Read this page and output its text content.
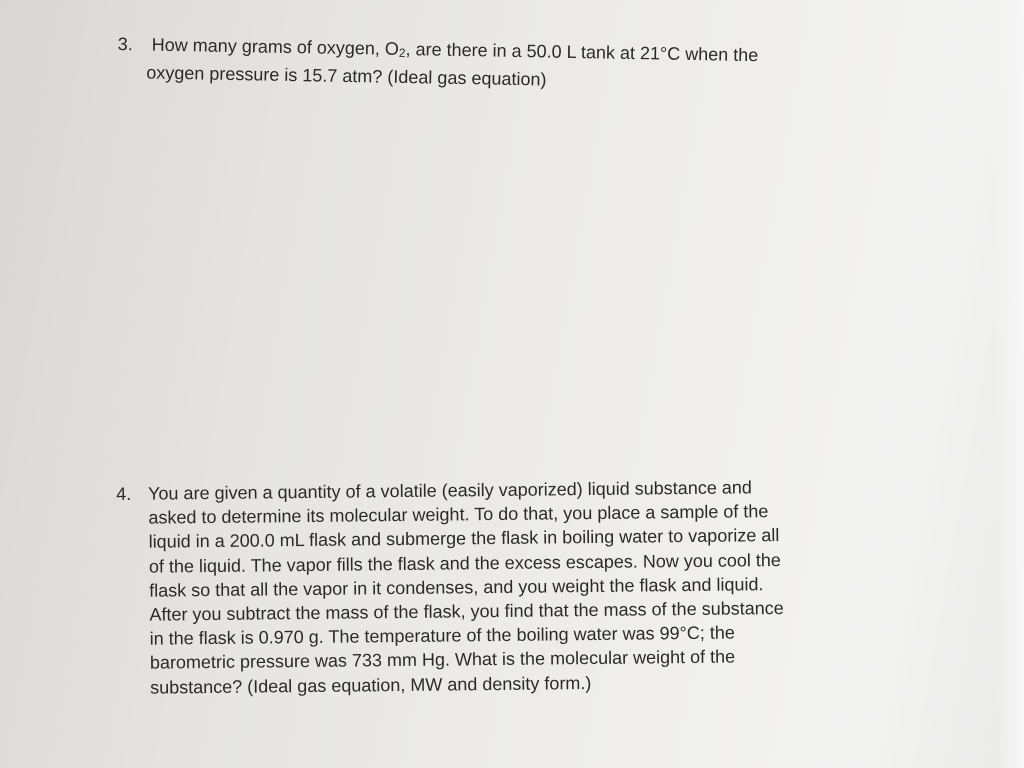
3. How many grams of oxygen, $O_2$, are there in a 50.0 L tank at 21°C when the
oxygen pressure is 15.7 atm? (Ideal gas equation)
4. You are given a quantity of a volatile (easily vaporized) liquid substance and
asked to determine its molecular weight. To do that, you place a sample of the
liquid in a 200.0 mL flask and submerge the flask in boiling water to vaporize all
of the liquid. The vapor fills the flask and the excess escapes. Now you cool the
flask so that all the vapor in it condenses, and you weight the flask and liquid.
After you subtract the mass of the flask, you find that the mass of the substance
in the flask is 0.970 g. The temperature of the boiling water was 99°C; the
barometric pressure was 733 mm Hg. What is the molecular weight of the
substance? (Ideal gas equation, MW and density form.)
